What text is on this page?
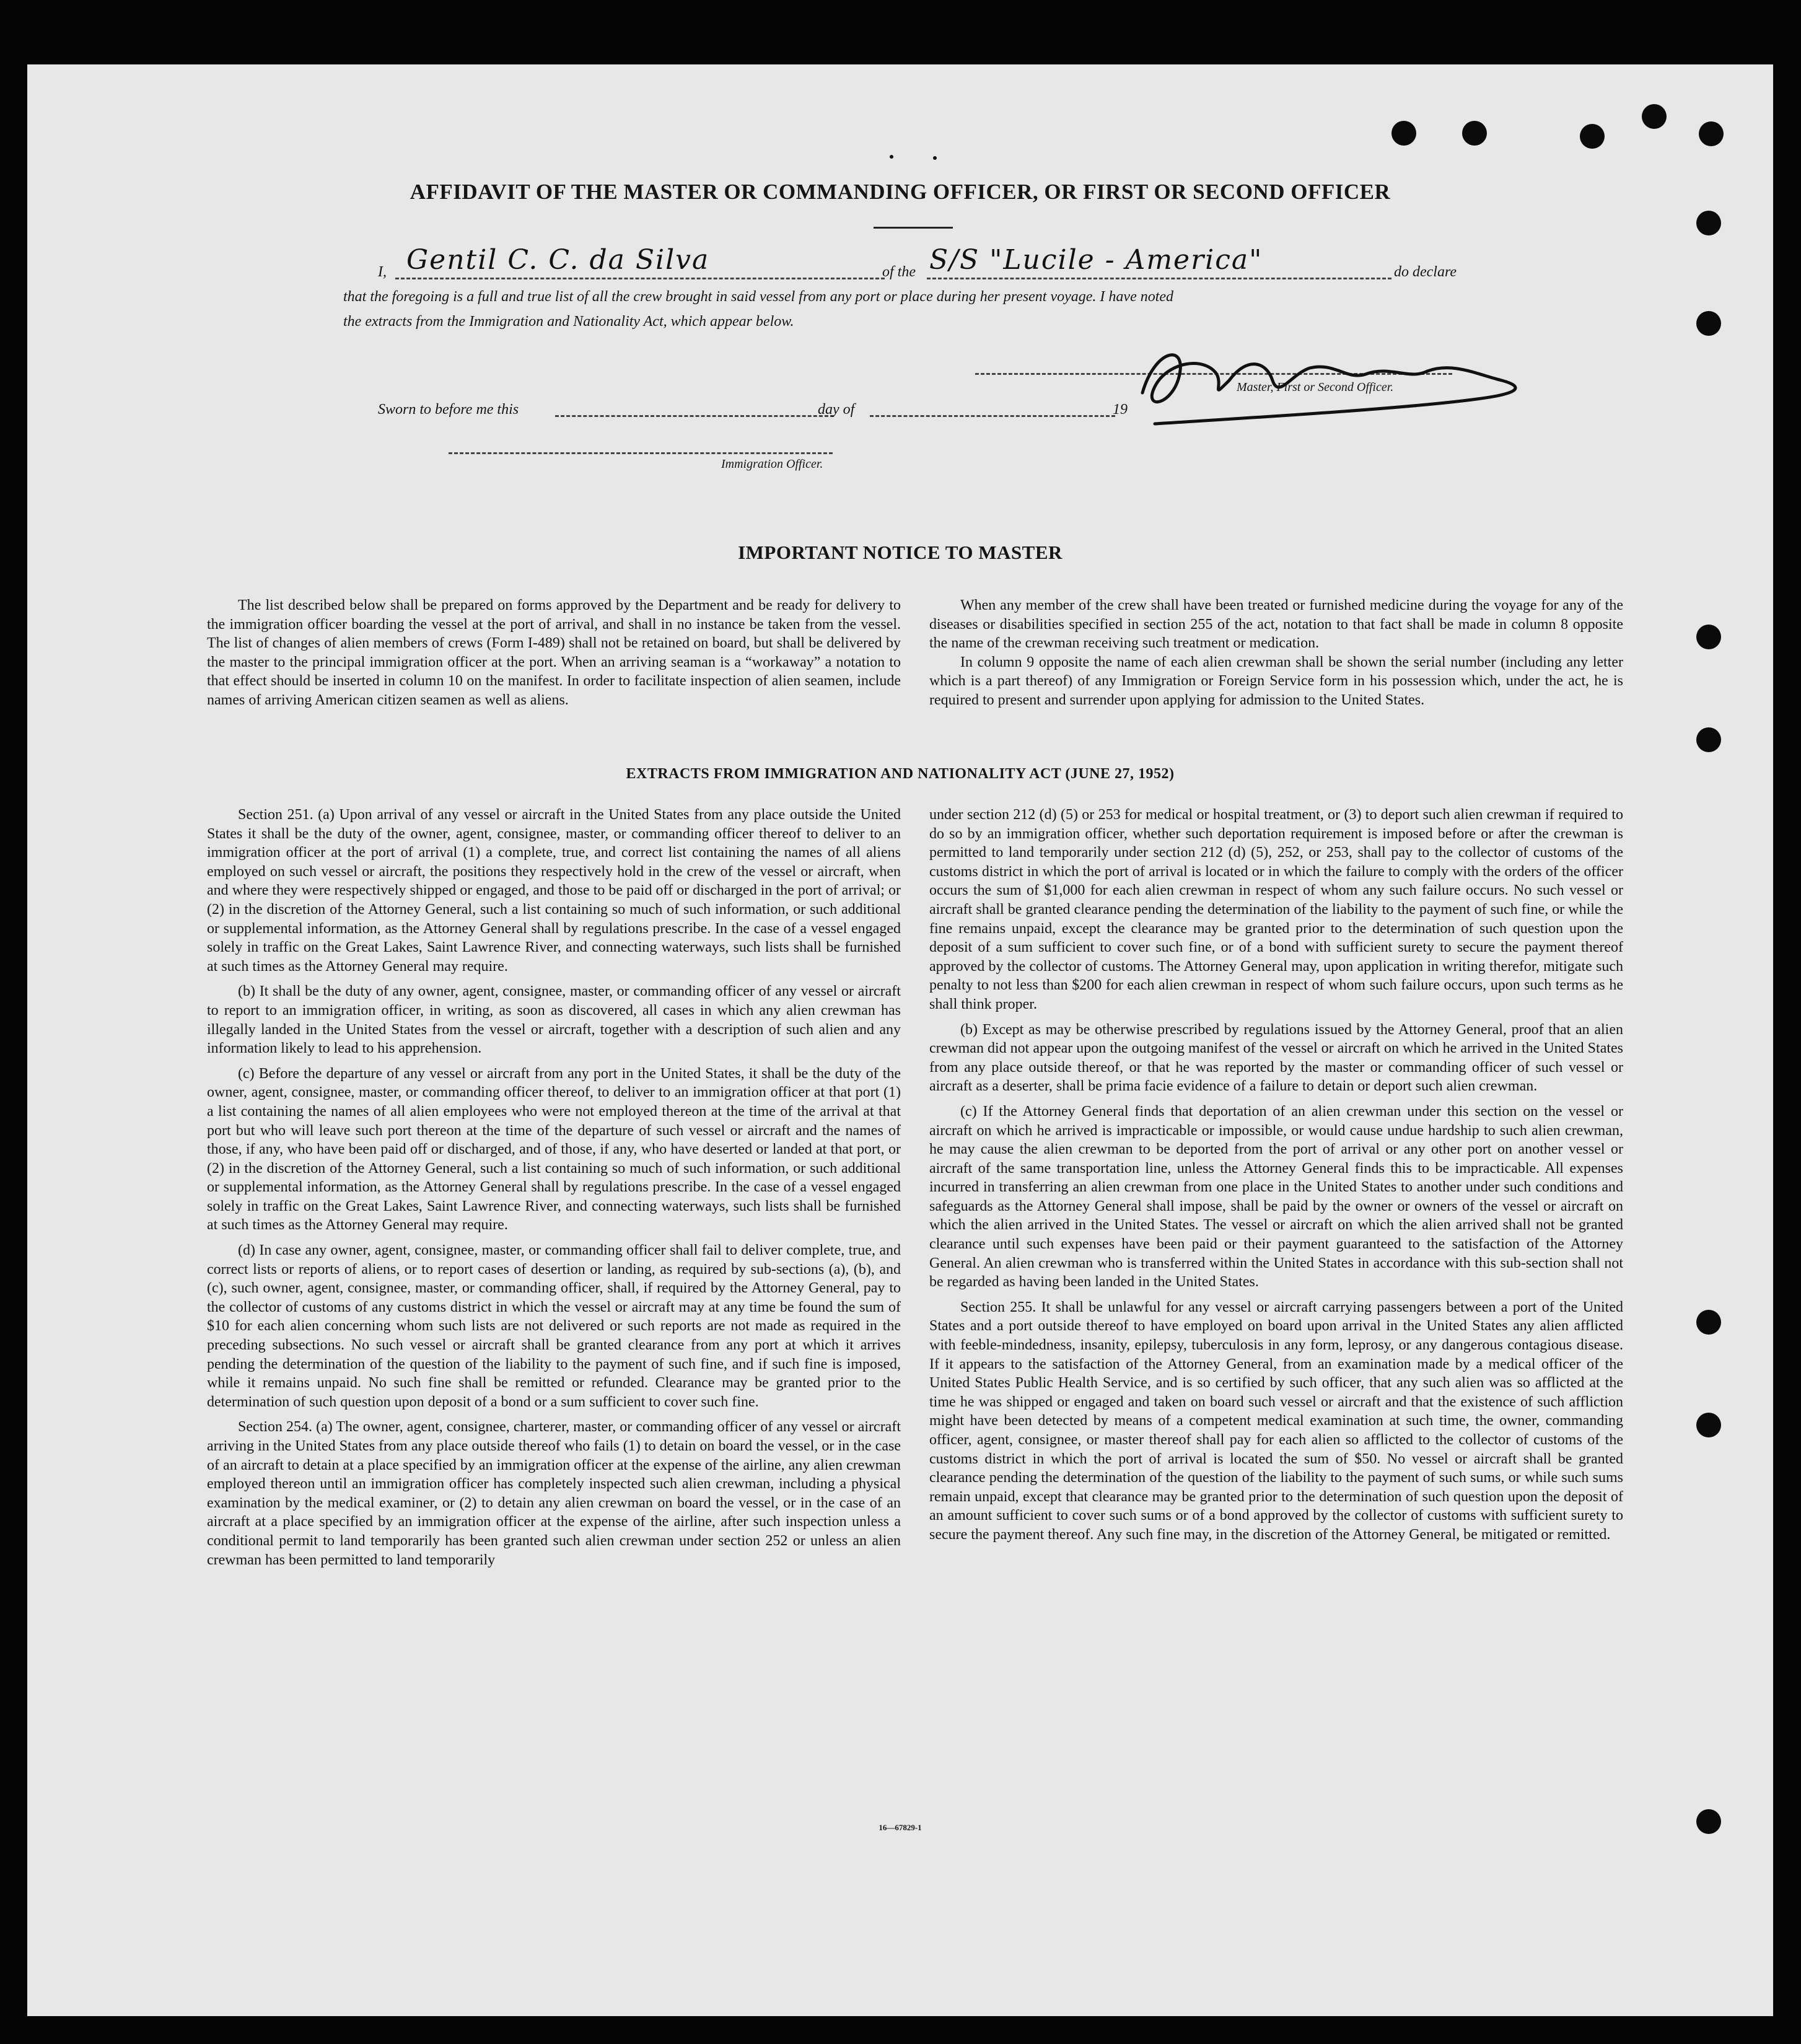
AFFIDAVIT OF THE MASTER OR COMMANDING OFFICER, OR FIRST OR SECOND OFFICER
I, Gentil C. C. da Silva	of the S/S "Lucile - America"	do declare
that the foregoing is a full and true list of all the crew brought in said vessel from any port or place during her present voyage. I have noted
the extracts from the Immigration and Nationality Act, which appear below.
Master, First or Second Officer.
Sworn to before me this	day of	19
Immigration Officer.
IMPORTANT NOTICE TO MASTER

The list described below shall be prepared on forms approved by the Department and be ready for delivery to the immigration officer boarding the vessel at the port of arrival, and shall in no instance be taken from the vessel. The list of changes of alien members of crews (Form I-489) shall not be retained on board, but shall be delivered by the master to the principal immigration officer at the port. When an arriving seaman is a “workaway” a notation to that effect should be inserted in column 10 on the manifest. In order to facilitate inspection of alien seamen, include names of arriving American citizen seamen as well as aliens.

When any member of the crew shall have been treated or furnished medicine during the voyage for any of the diseases or disabilities specified in section 255 of the act, notation to that fact shall be made in column 8 opposite the name of the crewman receiving such treatment or medication.

In column 9 opposite the name of each alien crewman shall be shown the serial number (including any letter which is a part thereof) of any Immigration or Foreign Service form in his possession which, under the act, he is required to present and surrender upon applying for admission to the United States.

EXTRACTS FROM IMMIGRATION AND NATIONALITY ACT (JUNE 27, 1952)

Section 251. (a) Upon arrival of any vessel or aircraft in the United States from any place outside the United States it shall be the duty of the owner, agent, consignee, master, or commanding officer thereof to deliver to an immigration officer at the port of arrival (1) a complete, true, and correct list containing the names of all aliens employed on such vessel or aircraft, the positions they respectively hold in the crew of the vessel or aircraft, when and where they were respectively shipped or engaged, and those to be paid off or discharged in the port of arrival; or (2) in the discretion of the Attorney General, such a list containing so much of such information, or such additional or supplemental information, as the Attorney General shall by regulations prescribe. In the case of a vessel engaged solely in traffic on the Great Lakes, Saint Lawrence River, and connecting waterways, such lists shall be furnished at such times as the Attorney General may require.

(b) It shall be the duty of any owner, agent, consignee, master, or commanding officer of any vessel or aircraft to report to an immigration officer, in writing, as soon as discovered, all cases in which any alien crewman has illegally landed in the United States from the vessel or aircraft, together with a description of such alien and any information likely to lead to his apprehension.

(c) Before the departure of any vessel or aircraft from any port in the United States, it shall be the duty of the owner, agent, consignee, master, or commanding officer thereof, to deliver to an immigration officer at that port (1) a list containing the names of all alien employees who were not employed thereon at the time of the arrival at that port but who will leave such port thereon at the time of the departure of such vessel or aircraft and the names of those, if any, who have been paid off or discharged, and of those, if any, who have deserted or landed at that port, or (2) in the discretion of the Attorney General, such a list containing so much of such information, or such additional or supplemental information, as the Attorney General shall by regulations prescribe. In the case of a vessel engaged solely in traffic on the Great Lakes, Saint Lawrence River, and connecting waterways, such lists shall be furnished at such times as the Attorney General may require.

(d) In case any owner, agent, consignee, master, or commanding officer shall fail to deliver complete, true, and correct lists or reports of aliens, or to report cases of desertion or landing, as required by sub-sections (a), (b), and (c), such owner, agent, consignee, master, or commanding officer, shall, if required by the Attorney General, pay to the collector of customs of any customs district in which the vessel or aircraft may at any time be found the sum of $10 for each alien concerning whom such lists are not delivered or such reports are not made as required in the preceding subsections. No such vessel or aircraft shall be granted clearance from any port at which it arrives pending the determination of the question of the liability to the payment of such fine, and if such fine is imposed, while it remains unpaid. No such fine shall be remitted or refunded. Clearance may be granted prior to the determination of such question upon deposit of a bond or a sum sufficient to cover such fine.

Section 254. (a) The owner, agent, consignee, charterer, master, or commanding officer of any vessel or aircraft arriving in the United States from any place outside thereof who fails (1) to detain on board the vessel, or in the case of an aircraft to detain at a place specified by an immigration officer at the expense of the airline, any alien crewman employed thereon until an immigration officer has completely inspected such alien crewman, including a physical examination by the medical examiner, or (2) to detain any alien crewman on board the vessel, or in the case of an aircraft at a place specified by an immigration officer at the expense of the airline, after such inspection unless a conditional permit to land temporarily has been granted such alien crewman under section 252 or unless an alien crewman has been permitted to land temporarily

under section 212 (d) (5) or 253 for medical or hospital treatment, or (3) to deport such alien crewman if required to do so by an immigration officer, whether such deportation requirement is imposed before or after the crewman is permitted to land temporarily under section 212 (d) (5), 252, or 253, shall pay to the collector of customs of the customs district in which the port of arrival is located or in which the failure to comply with the orders of the officer occurs the sum of $1,000 for each alien crewman in respect of whom any such failure occurs. No such vessel or aircraft shall be granted clearance pending the determination of the liability to the payment of such fine, or while the fine remains unpaid, except the clearance may be granted prior to the determination of such question upon the deposit of a sum sufficient to cover such fine, or of a bond with sufficient surety to secure the payment thereof approved by the collector of customs. The Attorney General may, upon application in writing therefor, mitigate such penalty to not less than $200 for each alien crewman in respect of whom such failure occurs, upon such terms as he shall think proper.

(b) Except as may be otherwise prescribed by regulations issued by the Attorney General, proof that an alien crewman did not appear upon the outgoing manifest of the vessel or aircraft on which he arrived in the United States from any place outside thereof, or that he was reported by the master or commanding officer of such vessel or aircraft as a deserter, shall be prima facie evidence of a failure to detain or deport such alien crewman.

(c) If the Attorney General finds that deportation of an alien crewman under this section on the vessel or aircraft on which he arrived is impracticable or impossible, or would cause undue hardship to such alien crewman, he may cause the alien crewman to be deported from the port of arrival or any other port on another vessel or aircraft of the same transportation line, unless the Attorney General finds this to be impracticable. All expenses incurred in transferring an alien crewman from one place in the United States to another under such conditions and safeguards as the Attorney General shall impose, shall be paid by the owner or owners of the vessel or aircraft on which the alien arrived in the United States. The vessel or aircraft on which the alien arrived shall not be granted clearance until such expenses have been paid or their payment guaranteed to the satisfaction of the Attorney General. An alien crewman who is transferred within the United States in accordance with this sub-section shall not be regarded as having been landed in the United States.

Section 255. It shall be unlawful for any vessel or aircraft carrying passengers between a port of the United States and a port outside thereof to have employed on board upon arrival in the United States any alien afflicted with feeble-mindedness, insanity, epilepsy, tuberculosis in any form, leprosy, or any dangerous contagious disease. If it appears to the satisfaction of the Attorney General, from an examination made by a medical officer of the United States Public Health Service, and is so certified by such officer, that any such alien was so afflicted at the time he was shipped or engaged and taken on board such vessel or aircraft and that the existence of such affliction might have been detected by means of a competent medical examination at such time, the owner, commanding officer, agent, consignee, or master thereof shall pay for each alien so afflicted to the collector of customs of the customs district in which the port of arrival is located the sum of $50. No vessel or aircraft shall be granted clearance pending the determination of the question of the liability to the payment of such sums, or while such sums remain unpaid, except that clearance may be granted prior to the determination of such question upon the deposit of an amount sufficient to cover such sums or of a bond approved by the collector of customs with sufficient surety to secure the payment thereof. Any such fine may, in the discretion of the Attorney General, be mitigated or remitted.

16—67829-1
